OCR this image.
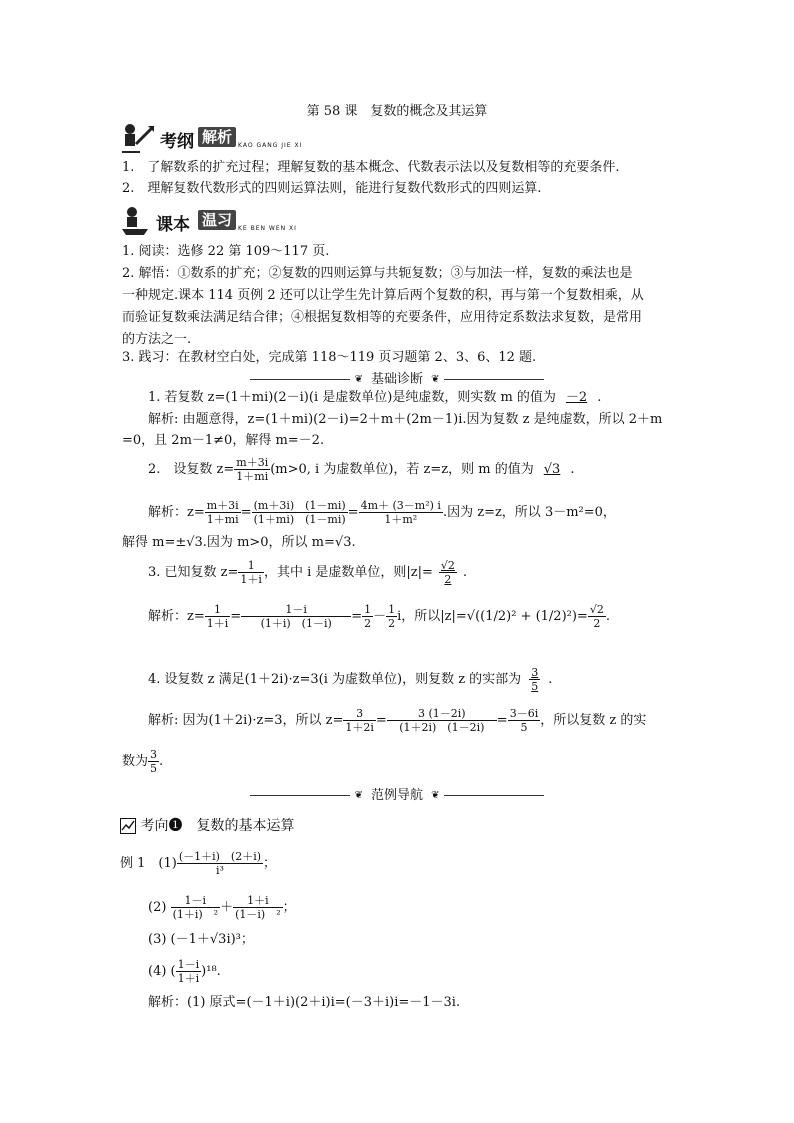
第 58 课　复数的概念及其运算
考纲 解析 KAO GANG JIE XI
1.　了解数系的扩充过程；理解复数的基本概念、代数表示法以及复数相等的充要条件.
2.　理解复数代数形式的四则运算法则，能进行复数代数形式的四则运算.
课本 温习 KE BEN WEN XI
1. 阅读：选修 22 第 109～117 页.
2. 解悟：①数系的扩充；②复数的四则运算与共轭复数；③与加法一样，复数的乘法也是
一种规定.课本 114 页例 2 还可以让学生先计算后两个复数的积，再与第一个复数相乘，从
而验证复数乘法满足结合律；④根据复数相等的充要条件，应用待定系数法求复数，是常用
的方法之一.
3. 践习：在教材空白处，完成第 118～119 页习题第 2、3、6、12 题.
❦ 基础诊断 ❦
1. 若复数 z=(1＋mi)(2－i)(i 是虚数单位)是纯虚数，则实数 m 的值为 －2 .
解析: 由题意得，z=(1＋mi)(2－i)=2＋m＋(2m－1)i.因为复数 z 是纯虚数，所以 2＋m
=0，且 2m－1≠0，解得 m=－2.
2.　设复数 $z= \frac{m+3i}{1+mi} (m>0$, i 为虚数单位)，若 z=z，则 m 的值为 √3 .
解析：$z= \frac{m+3i}{1+mi} = \frac{(m+3i) (1-mi)}{(1+mi) (1-mi)} = \frac{\text{4m＋ (3－m²) i}}{\text{1＋m²}}$ .因为 z=z，所以 3－m²=0，
解得 m=±√3.因为 m>0，所以 m=√3.
3. 已知复数 $z= \frac{1}{1+i}$ ，其中 i 是虚数单位，则$|z|= \frac{√2}{2}$ .
解析：$z= \frac{1}{1+i} = \frac{1-i}{(1+i) (1-i)} = \frac{1}{2} - \frac{1}{2}$ i，所以$|z|=√((1/2)^2 + (1/2)^2)= \frac{√2}{2}$ .
4. 设复数 z 满足(1＋2i)·z=3(i 为虚数单位)，则复数 z 的实部为 $\frac{3}{5}$ .
解析: 因为(1＋2i)·z=3，所以 $z= \frac{3}{1+2i} = \frac{3 (1-2i)}{(1+2i) (1-2i)} = \frac{3-6i}{5}$ ，所以复数 z 的实
数为 $\frac{3}{5}$ .
❦ 范例导航 ❦
考向❶　 复数的基本运算
例 1　$(1) \frac{(-1+i) (2+i)}{\text{i³}}$ ；
$(2) \frac{1-i}{\text{(1＋i)　²}} + \frac{1+i}{\text{(1－i)　²}}$ ；
(3) (－1＋√3i)³；
(4) ( $\frac{1-i}{1+i} )^{18}$.
解析：(1) 原式=(－1＋i)(2＋i)i=(－3＋i)i=－1－3i.
